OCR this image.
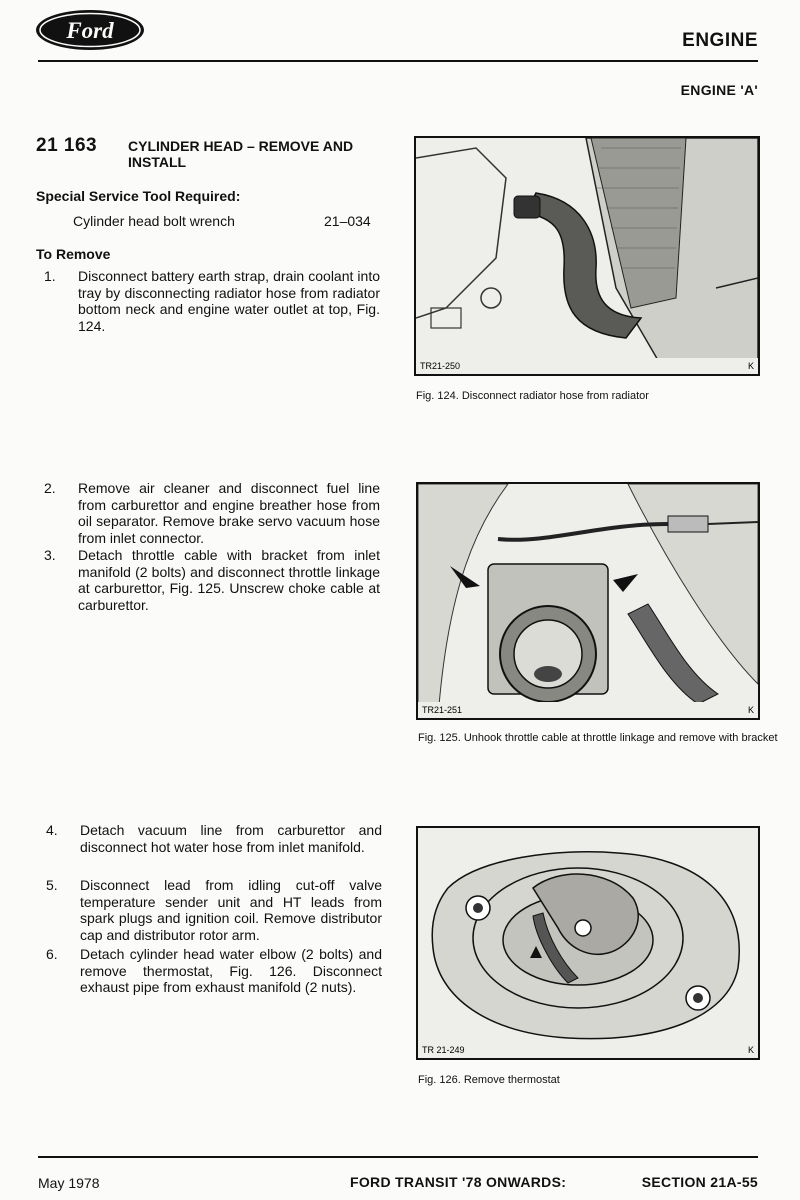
Ford	ENGINE
ENGINE 'A'
21 163 CYLINDER HEAD – REMOVE AND INSTALL
Special Service Tool Required:
Cylinder head bolt wrench	21–034
To Remove
1.	Disconnect battery earth strap, drain coolant into tray by disconnecting radiator hose from radiator bottom neck and engine water outlet at top, Fig. 124.
2.	Remove air cleaner and disconnect fuel line from carburettor and engine breather hose from oil separator. Remove brake servo vacuum hose from inlet connector.
3.	Detach throttle cable with bracket from inlet manifold (2 bolts) and disconnect throttle linkage at carburettor, Fig. 125. Unscrew choke cable at carburettor.
4.	Detach vacuum line from carburettor and disconnect hot water hose from inlet manifold.
5.	Disconnect lead from idling cut-off valve temperature sender unit and HT leads from spark plugs and ignition coil. Remove distributor cap and distributor rotor arm.
6.	Detach cylinder head water elbow (2 bolts) and remove thermostat, Fig. 126. Disconnect exhaust pipe from exhaust manifold (2 nuts).
TR21-250	K
Fig. 124. Disconnect radiator hose from radiator
TR21-251	K
Fig. 125. Unhook throttle cable at throttle linkage and remove with bracket
TR 21-249	K
Fig. 126. Remove thermostat
May 1978	FORD TRANSIT '78 ONWARDS:	SECTION 21A-55
